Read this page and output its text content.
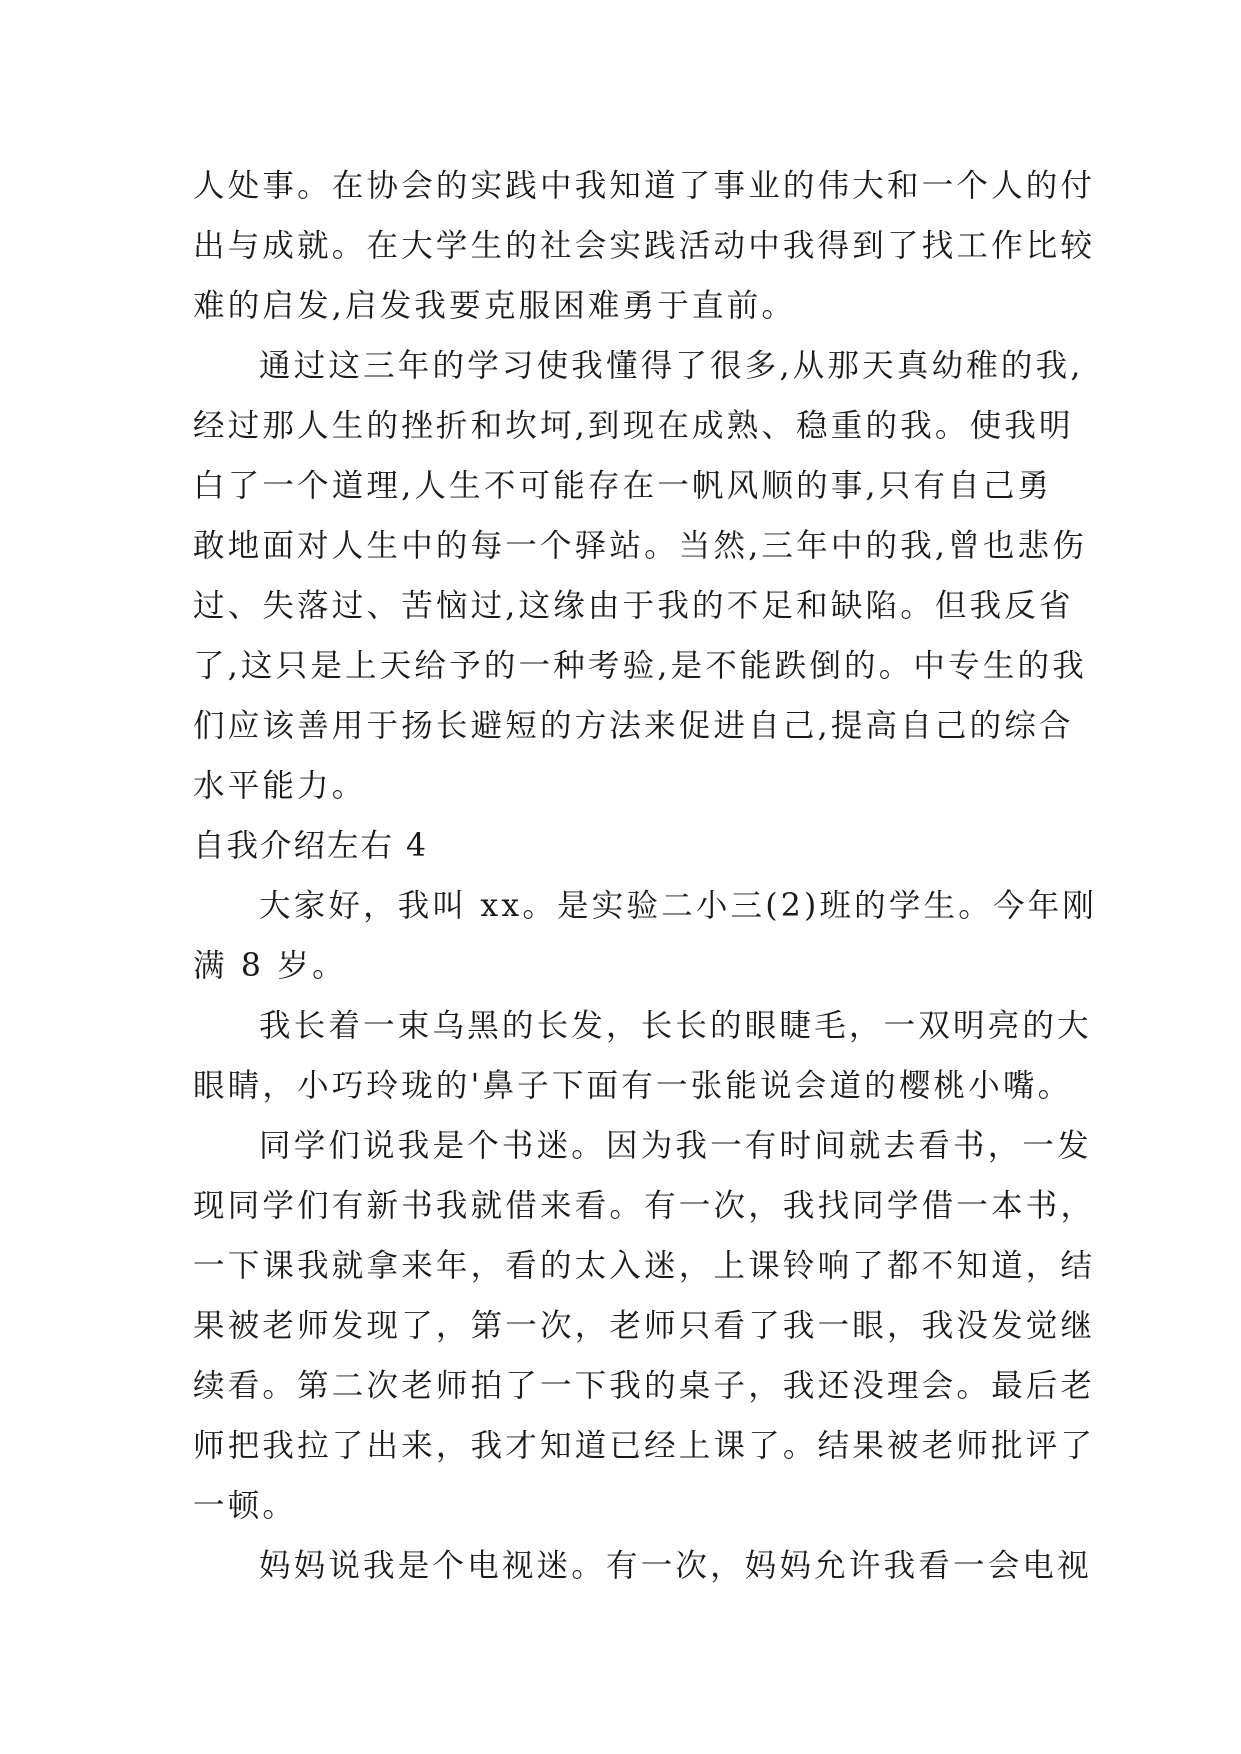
人处事。在协会的实践中我知道了事业的伟大和一个人的付
出与成就。在大学生的社会实践活动中我得到了找工作比较
难的启发,启发我要克服困难勇于直前。
通过这三年的学习使我懂得了很多,从那天真幼稚的我,
经过那人生的挫折和坎坷,到现在成熟、稳重的我。使我明
白了一个道理,人生不可能存在一帆风顺的事,只有自己勇
敢地面对人生中的每一个驿站。当然,三年中的我,曾也悲伤
过、失落过、苦恼过,这缘由于我的不足和缺陷。但我反省
了,这只是上天给予的一种考验,是不能跌倒的。中专生的我
们应该善用于扬长避短的方法来促进自己,提高自己的综合
水平能力。
自我介绍左右 4
大家好，我叫 xx。是实验二小三(2)班的学生。今年刚
满 8 岁。
我长着一束乌黑的长发，长长的眼睫毛，一双明亮的大
眼睛，小巧玲珑的'鼻子下面有一张能说会道的樱桃小嘴。
同学们说我是个书迷。因为我一有时间就去看书，一发
现同学们有新书我就借来看。有一次，我找同学借一本书，
一下课我就拿来年，看的太入迷，上课铃响了都不知道，结
果被老师发现了，第一次，老师只看了我一眼，我没发觉继
续看。第二次老师拍了一下我的桌子，我还没理会。最后老
师把我拉了出来，我才知道已经上课了。结果被老师批评了
一顿。
妈妈说我是个电视迷。有一次，妈妈允许我看一会电视
